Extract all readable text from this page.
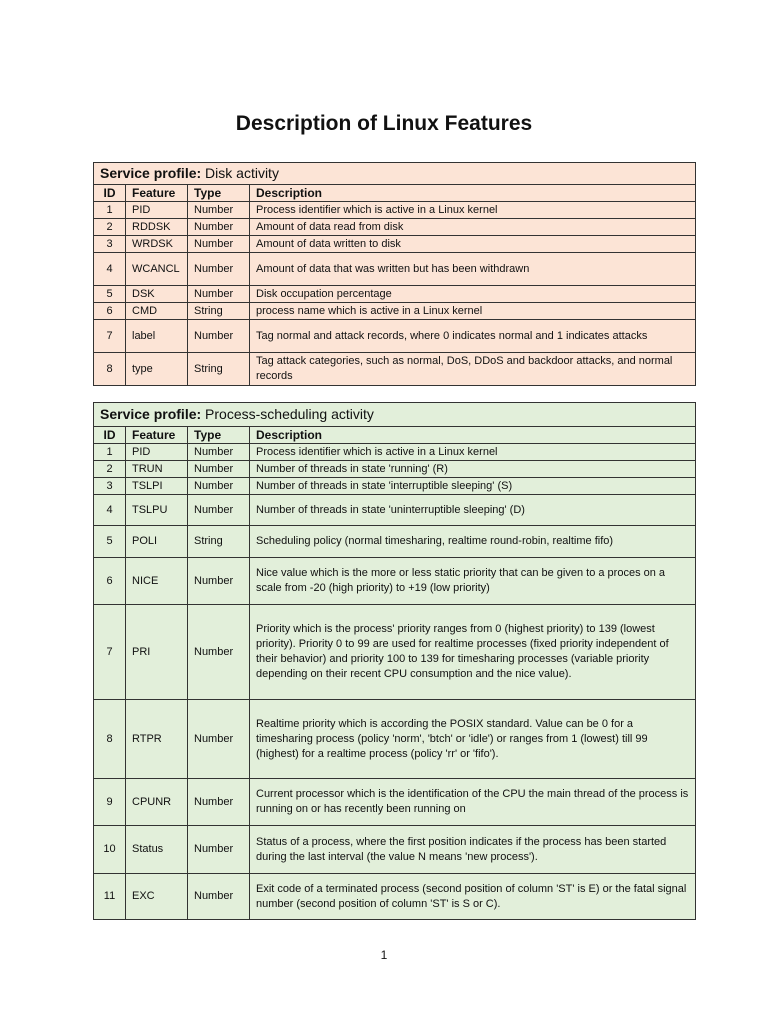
Description of Linux Features
Service profile: Disk activity			
ID	Feature	Type	Description
1	PID	Number	Process identifier which is active in a Linux kernel
2	RDDSK	Number	Amount of data read from disk
3	WRDSK	Number	Amount of data written to disk
4	WCANCL	Number	Amount of data that was written but has been withdrawn
5	DSK	Number	Disk occupation percentage
6	CMD	String	process name which is active in a Linux kernel
7	label	Number	Tag normal and attack records, where 0 indicates normal and 1 indicates attacks
8	type	String	Tag attack categories, such as normal, DoS, DDoS and backdoor attacks, and normal records
Service profile: Process-scheduling activity			
ID	Feature	Type	Description
1	PID	Number	Process identifier which is active in a Linux kernel
2	TRUN	Number	Number of threads in state 'running' (R)
3	TSLPI	Number	Number of threads in state 'interruptible sleeping' (S)
4	TSLPU	Number	Number of threads in state 'uninterruptible sleeping' (D)
5	POLI	String	Scheduling policy (normal timesharing, realtime round-robin, realtime fifo)
6	NICE	Number	Nice value which is the more or less static priority that can be given to a proces on a scale from -20 (high priority) to +19 (low priority)
7	PRI	Number	Priority which is the process' priority ranges from 0 (highest priority) to 139 (lowest priority). Priority 0 to 99 are used for realtime processes (fixed priority independent of their behavior) and priority 100 to 139 for timesharing processes (variable priority depending on their recent CPU consumption and the nice value).
8	RTPR	Number	Realtime priority which is according the POSIX standard. Value can be 0 for a timesharing process (policy 'norm', 'btch' or 'idle') or ranges from 1 (lowest) till 99 (highest) for a realtime process (policy 'rr' or 'fifo').
9	CPUNR	Number	Current processor which is the identification of the CPU the main thread of the process is running on or has recently been running on
10	Status	Number	Status of a process, where the first position indicates if the process has been started during the last interval (the value N means 'new process').
11	EXC	Number	Exit code of a terminated process (second position of column 'ST' is E) or the fatal signal number (second position of column 'ST' is S or C).
1
